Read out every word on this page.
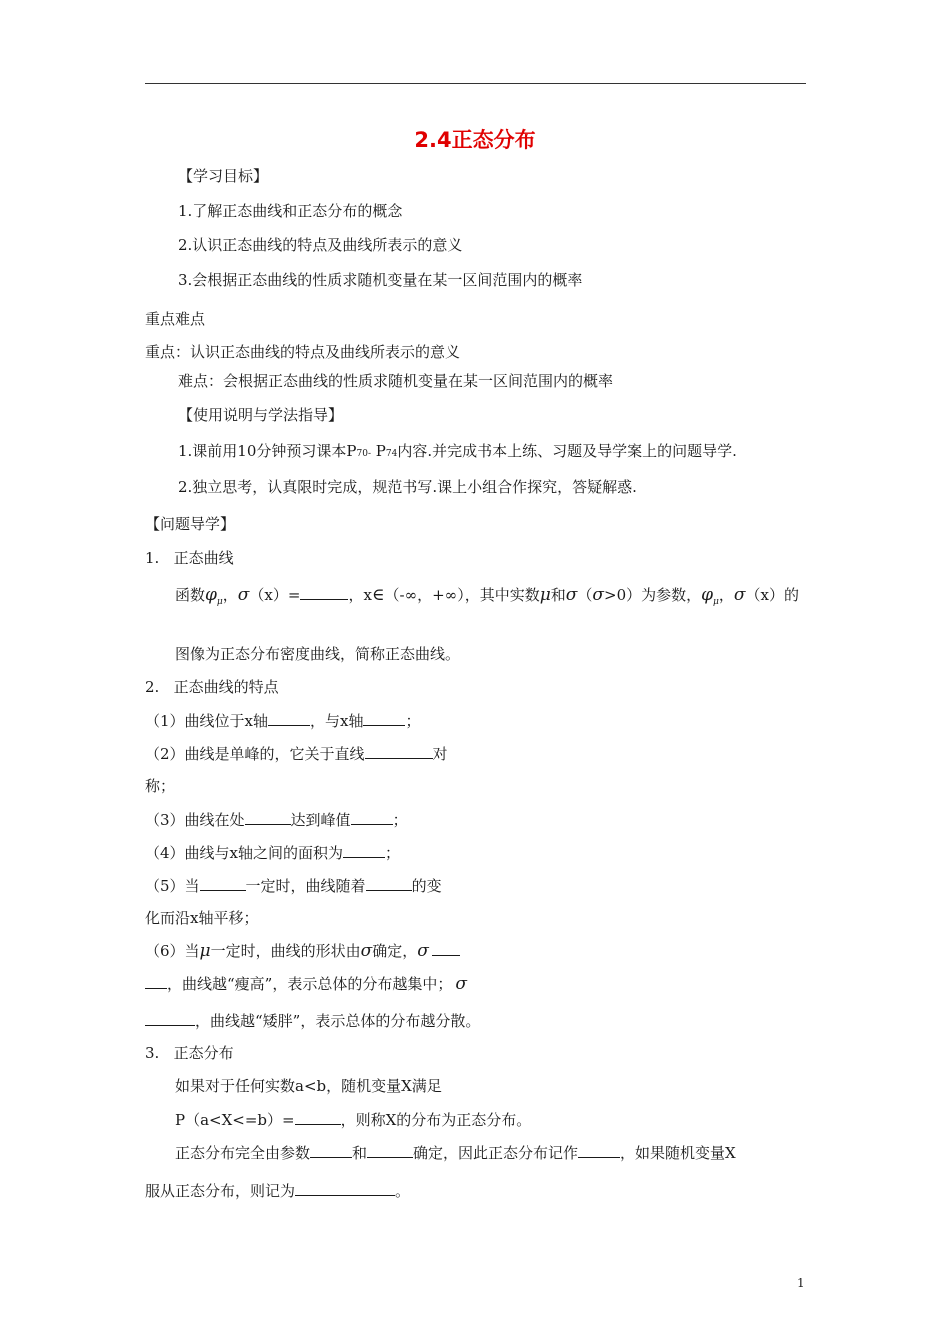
2.4正态分布
【学习目标】
1.了解正态曲线和正态分布的概念
2.认识正态曲线的特点及曲线所表示的意义
3.会根据正态曲线的性质求随机变量在某一区间范围内的概率
重点难点
重点：认识正态曲线的特点及曲线所表示的意义
难点：会根据正态曲线的性质求随机变量在某一区间范围内的概率
【使用说明与学法指导】
1.课前用10分钟预习课本P70- P74内容.并完成书本上练、习题及导学案上的问题导学.
2.独立思考，认真限时完成，规范书写.课上小组合作探究，答疑解惑.
【问题导学】
1.   正态曲线
函数$\varphi_\mu$，σ（x）=	，x∈（-∞，+∞），其中实数μ和σ（σ>0）为参数，$\varphi_\mu$，σ（x）的
图像为正态分布密度曲线，简称正态曲线。
2.   正态曲线的特点
（1）曲线位于x轴	，与x轴	；
（2）曲线是单峰的，它关于直线	对
称；
（3）曲线在处	达到峰值	；
（4）曲线与x轴之间的面积为	；
（5）当	一定时，曲线随着	的变
化而沿x轴平移；
（6）当μ一定时，曲线的形状由σ确定，σ
，曲线越“瘦高”，表示总体的分布越集中； σ
，曲线越“矮胖”，表示总体的分布越分散。
3.   正态分布
如果对于任何实数a<b，随机变量X满足
P（a<X<=b）=	，则称X的分布为正态分布。
正态分布完全由参数	和	确定，因此正态分布记作	，如果随机变量X
服从正态分布，则记为	。
1
